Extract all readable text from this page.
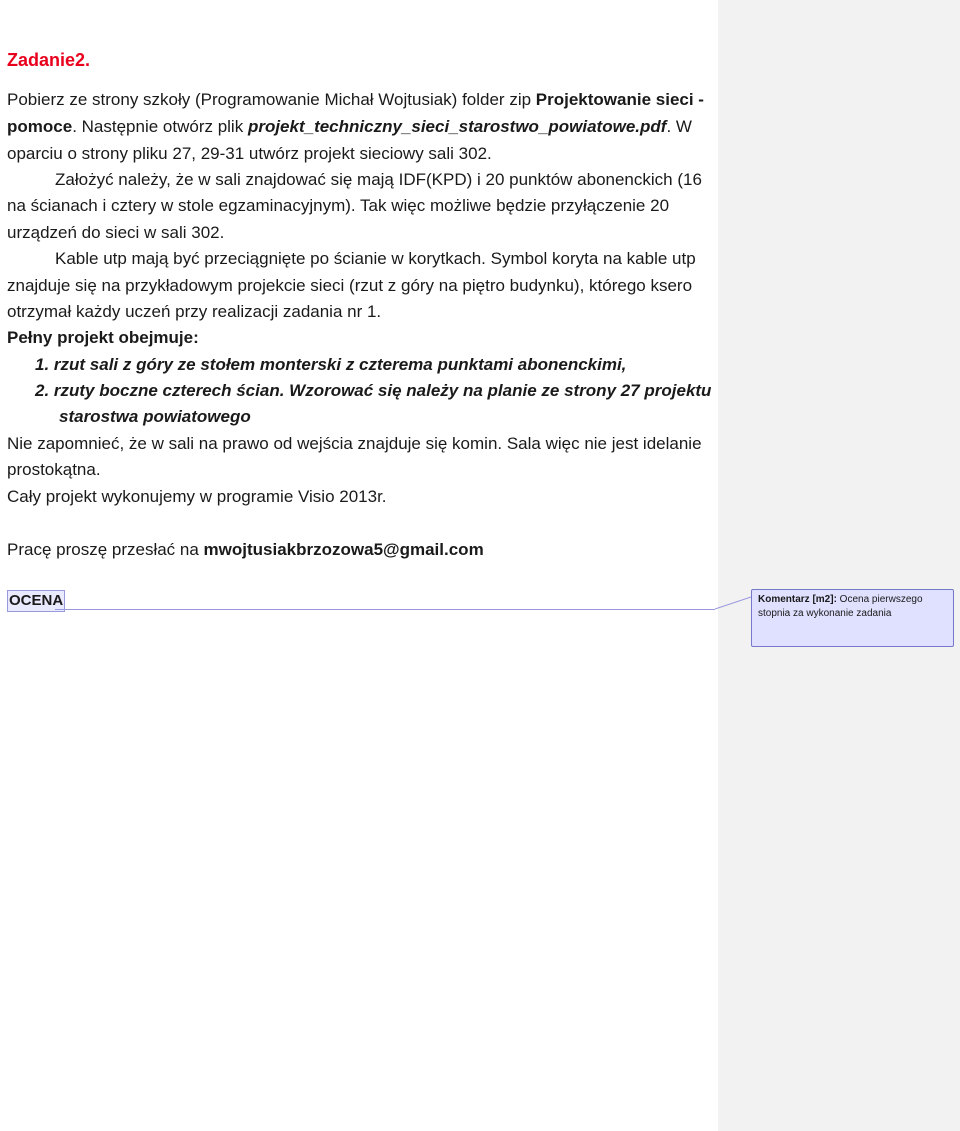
Zadanie2.
Pobierz ze strony szkoły (Programowanie Michał Wojtusiak) folder zip Projektowanie sieci -
pomoce. Następnie otwórz plik projekt_techniczny_sieci_starostwo_powiatowe.pdf. W
oparciu o strony pliku 27, 29-31 utwórz projekt sieciowy sali 302.
Założyć należy, że w sali znajdować się mają IDF(KPD) i 20 punktów abonenckich (16
na ścianach i cztery w stole egzaminacyjnym). Tak więc możliwe będzie przyłączenie 20
urządzeń do sieci w sali 302.
Kable utp mają być przeciągnięte po ścianie w korytkach. Symbol koryta na kable utp
znajduje się na przykładowym projekcie sieci (rzut z góry na piętro budynku), którego ksero
otrzymał każdy uczeń przy realizacji zadania nr 1.
Pełny projekt obejmuje:
1. rzut sali z góry ze stołem monterski z czterema punktami abonenckimi,
2. rzuty boczne czterech ścian. Wzorować się należy na planie ze strony 27 projektu
starostwa powiatowego
Nie zapomnieć, że w sali na prawo od wejścia znajduje się komin. Sala więc nie jest idelanie
prostokątna.
Cały projekt wykonujemy w programie Visio 2013r.
Pracę proszę przesłać na mwojtusiakbrzozowa5@gmail.com
OCENA	Komentarz [m2]: Ocena pierwszego stopnia za wykonanie zadania
